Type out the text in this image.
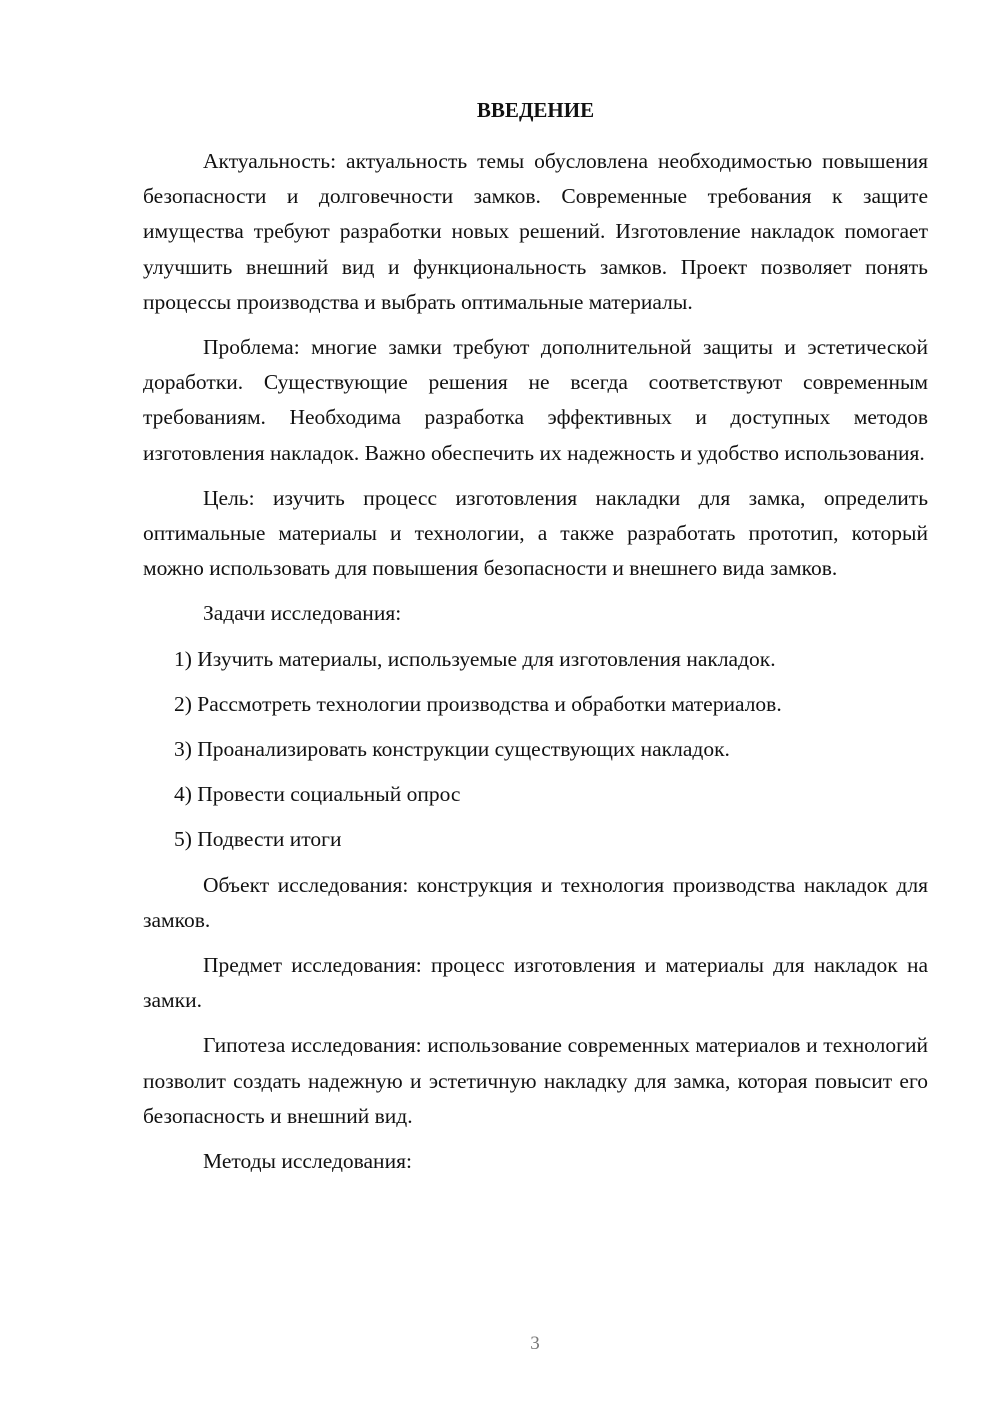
ВВЕДЕНИЕ

Актуальность: актуальность темы обусловлена необходимостью повышения безопасности и долговечности замков. Современные требования к защите имущества требуют разработки новых решений. Изготовление накладок помогает улучшить внешний вид и функциональность замков. Проект позволяет понять процессы производства и выбрать оптимальные материалы.

Проблема: многие замки требуют дополнительной защиты и эстетической доработки. Существующие решения не всегда соответствуют современным требованиям. Необходима разработка эффективных и доступных методов изготовления накладок. Важно обеспечить их надежность и удобство использования.

Цель: изучить процесс изготовления накладки для замка, определить оптимальные материалы и технологии, а также разработать прототип, который можно использовать для повышения безопасности и внешнего вида замков.

Задачи исследования:

1) Изучить материалы, используемые для изготовления накладок.
2) Рассмотреть технологии производства и обработки материалов.
3) Проанализировать конструкции существующих накладок.
4) Провести социальный опрос
5) Подвести итоги

Объект исследования: конструкция и технология производства накладок для замков.

Предмет исследования: процесс изготовления и материалы для накладок на замки.

Гипотеза исследования: использование современных материалов и технологий позволит создать надежную и эстетичную накладку для замка, которая повысит его безопасность и внешний вид.

Методы исследования:

3
